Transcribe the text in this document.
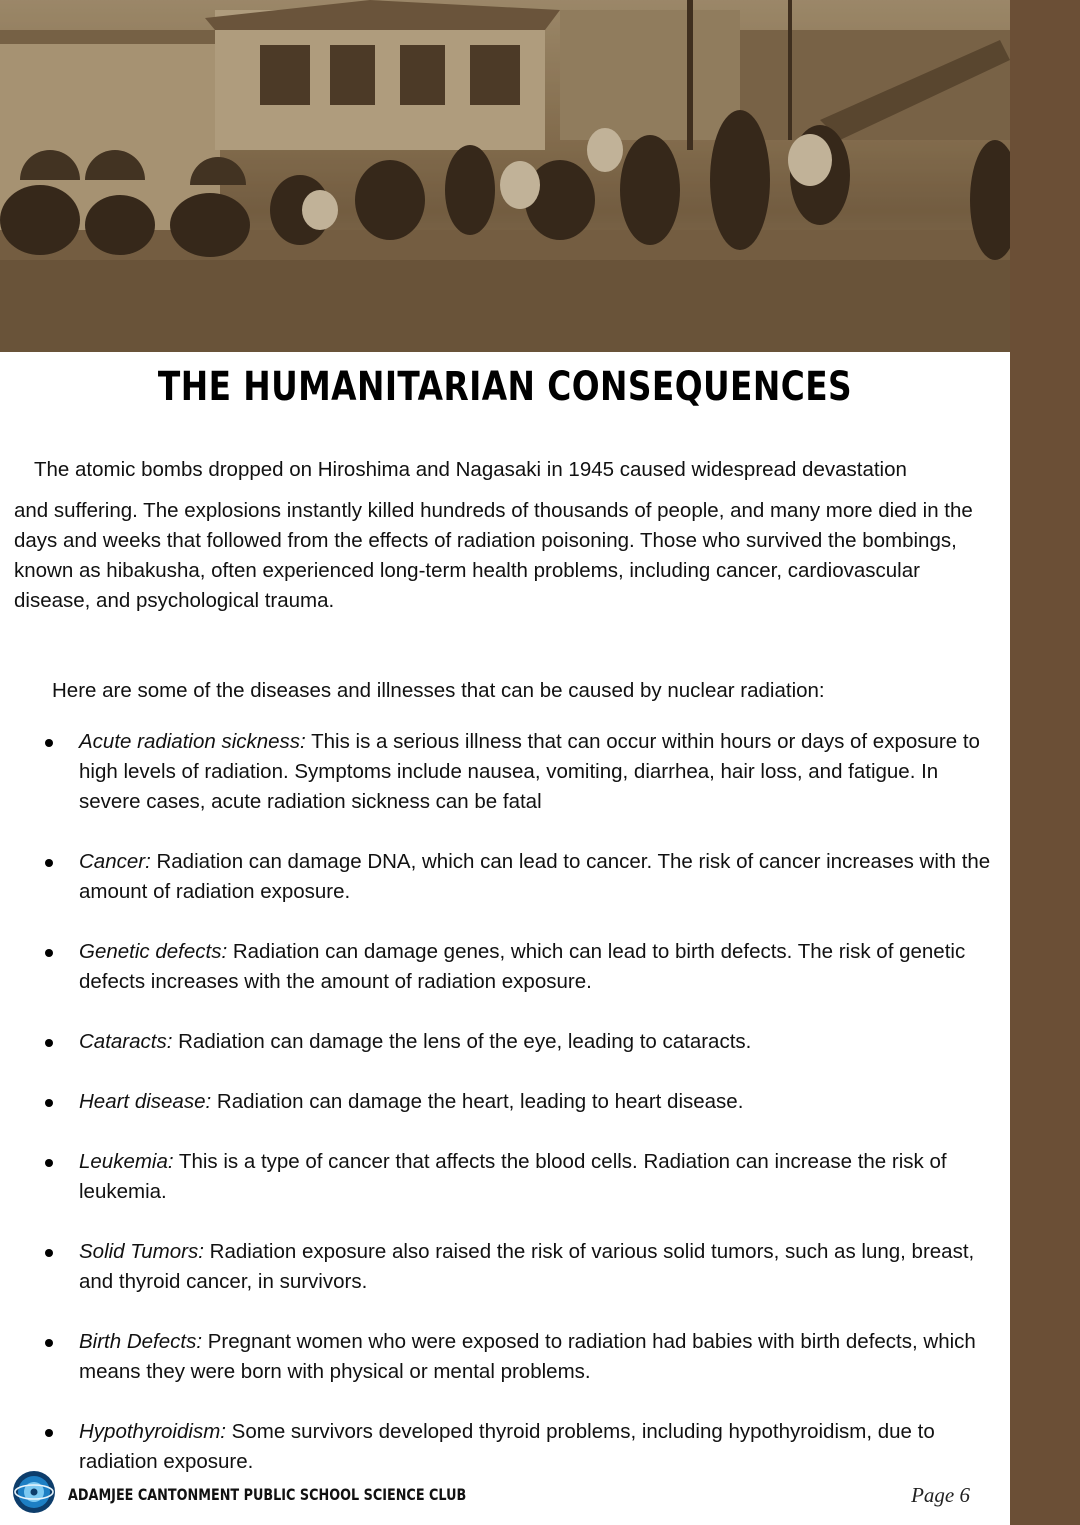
THE HUMANITARIAN CONSEQUENCES
The atomic bombs dropped on Hiroshima and Nagasaki in 1945 caused widespread devastation
and suffering. The explosions instantly killed hundreds of thousands of people, and many more died in the days and weeks that followed from the effects of radiation poisoning. Those who survived the bombings, known as hibakusha, often experienced long-term health problems, including cancer, cardiovascular disease, and psychological trauma.
Here are some of the diseases and illnesses that can be caused by nuclear radiation:
Acute radiation sickness: This is a serious illness that can occur within hours or days of exposure to high levels of radiation. Symptoms include nausea, vomiting, diarrhea, hair loss, and fatigue. In severe cases, acute radiation sickness can be fatal
Cancer: Radiation can damage DNA, which can lead to cancer. The risk of cancer increases with the amount of radiation exposure.
Genetic defects: Radiation can damage genes, which can lead to birth defects. The risk of genetic defects increases with the amount of radiation exposure.
Cataracts: Radiation can damage the lens of the eye, leading to cataracts.
Heart disease: Radiation can damage the heart, leading to heart disease.
Leukemia: This is a type of cancer that affects the blood cells. Radiation can increase the risk of leukemia.
Solid Tumors: Radiation exposure also raised the risk of various solid tumors, such as lung, breast, and thyroid cancer, in survivors.
Birth Defects: Pregnant women who were exposed to radiation had babies with birth defects, which means they were born with physical or mental problems.
Hypothyroidism: Some survivors developed thyroid problems, including hypothyroidism, due to radiation exposure.
ADAMJEE CANTONMENT PUBLIC SCHOOL SCIENCE CLUB	Page 6
